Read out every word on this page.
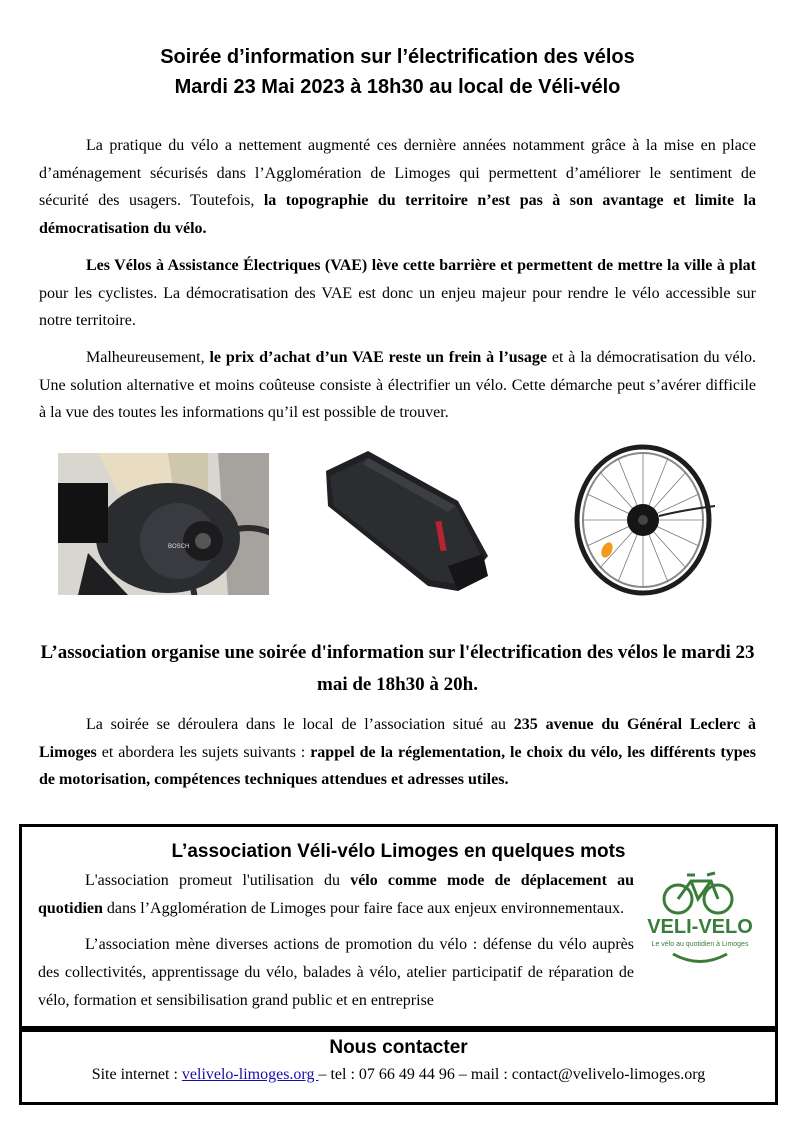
Soirée d’information sur l’électrification des vélos
Mardi 23 Mai 2023 à 18h30 au local de Véli-vélo
La pratique du vélo a nettement augmenté ces dernière années notamment grâce à la mise en place d’aménagement sécurisés dans l’Agglomération de Limoges qui permettent d’améliorer le sentiment de sécurité des usagers. Toutefois, la topographie du territoire n’est pas à son avantage et limite la démocratisation du vélo.
Les Vélos à Assistance Électriques (VAE) lève cette barrière et permettent de mettre la ville à plat pour les cyclistes. La démocratisation des VAE est donc un enjeu majeur pour rendre le vélo accessible sur notre territoire.
Malheureusement, le prix d’achat d’un VAE reste un frein à l’usage et à la démocratisation du vélo. Une solution alternative et moins coûteuse consiste à électrifier un vélo. Cette démarche peut s’avérer difficile à la vue des toutes les informations qu’il est possible de trouver.
BOSCH
L’association organise une soirée d'information sur l'électrification des vélos le mardi 23
mai de 18h30 à 20h.
La soirée se déroulera dans le local de l’association situé au 235 avenue du Général Leclerc à Limoges et abordera les sujets suivants : rappel de la réglementation, le choix du vélo, les différents types de motorisation, compétences techniques attendues et adresses utiles.
L’association Véli-vélo Limoges en quelques mots
L'association promeut l'utilisation du vélo comme mode de déplacement au quotidien dans l’Agglomération de Limoges pour faire face aux enjeux environnementaux.
L’association mène diverses actions de promotion du vélo : défense du vélo auprès des collectivités, apprentissage du vélo, balades à vélo, atelier participatif de réparation de vélo, formation et sensibilisation grand public et en entreprise
VELI-VELO
Le vélo au quotidien à Limoges
Nous contacter
Site internet : velivelo-limoges.org – tel : 07 66 49 44 96 – mail : contact@velivelo-limoges.org
